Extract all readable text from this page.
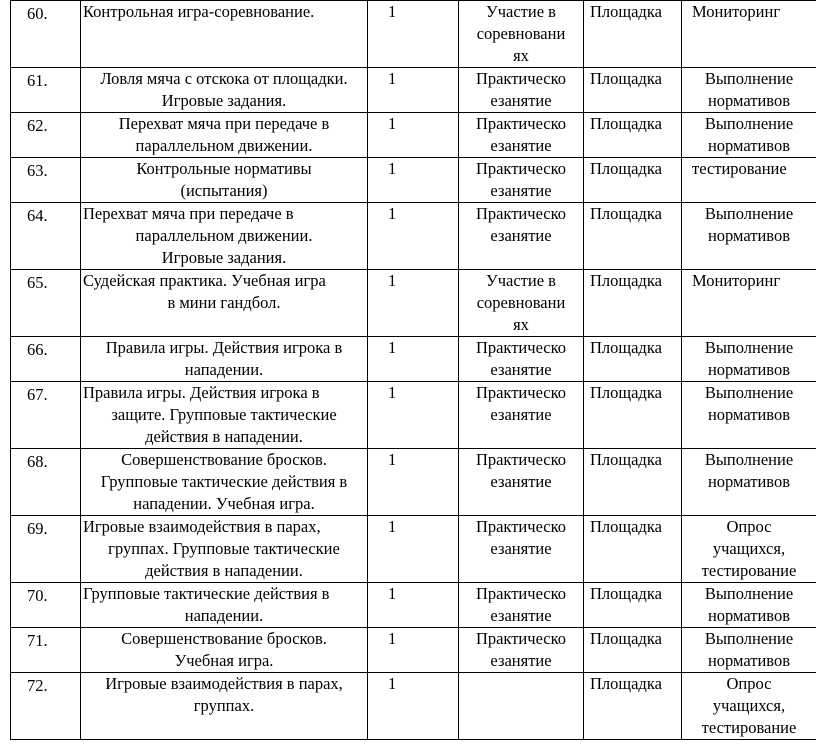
60.	Контрольная игра-соревнование.	1	Участие в
соревновани
ях	Площадка	Мониторинг

61.	Ловля мяча с отскока от площадки.
Игровые задания.	1	Практическо
езанятие	Площадка	Выполнение
нормативов

62.	Перехват мяча при передаче в
параллельном движении.	1	Практическо
езанятие	Площадка	Выполнение
нормативов

63.	Контрольные нормативы
(испытания)	1	Практическо
езанятие	Площадка	тестирование

64.	Перехват мяча при передаче в
параллельном движении.
Игровые задания.	1	Практическо
езанятие	Площадка	Выполнение
нормативов

65.	Судейская практика. Учебная игра
в мини гандбол.	1	Участие в
соревновани
ях	Площадка	Мониторинг

66.	Правила игры. Действия игрока в
нападении.	1	Практическо
езанятие	Площадка	Выполнение
нормативов

67.	Правила игры. Действия игрока в
защите. Групповые тактические
действия в нападении.	1	Практическо
езанятие	Площадка	Выполнение
нормативов

68.	Совершенствование бросков.
Групповые тактические действия в
нападении. Учебная игра.	1	Практическо
езанятие	Площадка	Выполнение
нормативов

69.	Игровые взаимодействия в парах,
группах. Групповые тактические
действия в нападении.	1	Практическо
езанятие	Площадка	Опрос
учащихся,
тестирование

70.	Групповые тактические действия в
нападении.	1	Практическо
езанятие	Площадка	Выполнение
нормативов

71.	Совершенствование бросков.
Учебная игра.	1	Практическо
езанятие	Площадка	Выполнение
нормативов

72.	Игровые взаимодействия в парах,
группах.	1		Площадка	Опрос
учащихся,
тестирование
